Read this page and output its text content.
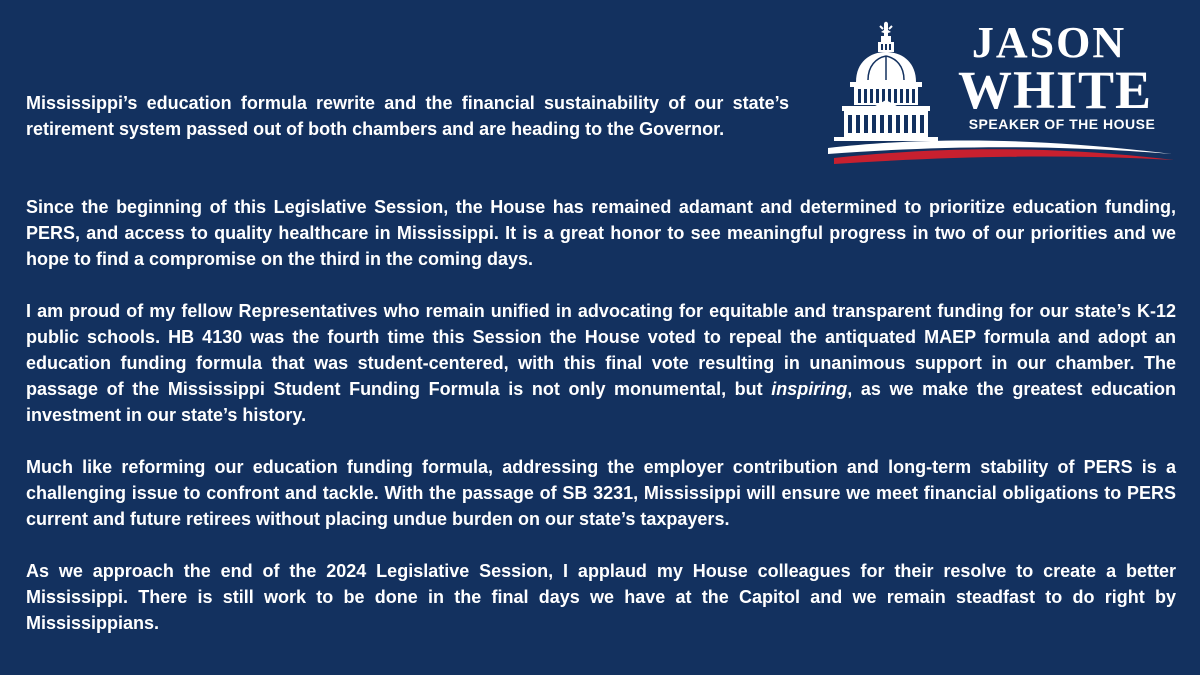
JASON
WHITE
SPEAKER OF THE HOUSE

Mississippi’s education formula rewrite and the financial sustainability of our state’s retirement system passed out of both chambers and are heading to the Governor.

Since the beginning of this Legislative Session, the House has remained adamant and determined to prioritize education funding, PERS, and access to quality healthcare in Mississippi. It is a great honor to see meaningful progress in two of our priorities and we hope to find a compromise on the third in the coming days.

I am proud of my fellow Representatives who remain unified in advocating for equitable and transparent funding for our state’s K-12 public schools. HB 4130 was the fourth time this Session the House voted to repeal the antiquated MAEP formula and adopt an education funding formula that was student-centered, with this final vote resulting in unanimous support in our chamber. The passage of the Mississippi Student Funding Formula is not only monumental, but inspiring, as we make the greatest education investment in our state’s history.

Much like reforming our education funding formula, addressing the employer contribution and long-term stability of PERS is a challenging issue to confront and tackle. With the passage of SB 3231, Mississippi will ensure we meet financial obligations to PERS current and future retirees without placing undue burden on our state’s taxpayers.

As we approach the end of the 2024 Legislative Session, I applaud my House colleagues for their resolve to create a better Mississippi. There is still work to be done in the final days we have at the Capitol and we remain steadfast to do right by Mississippians.
